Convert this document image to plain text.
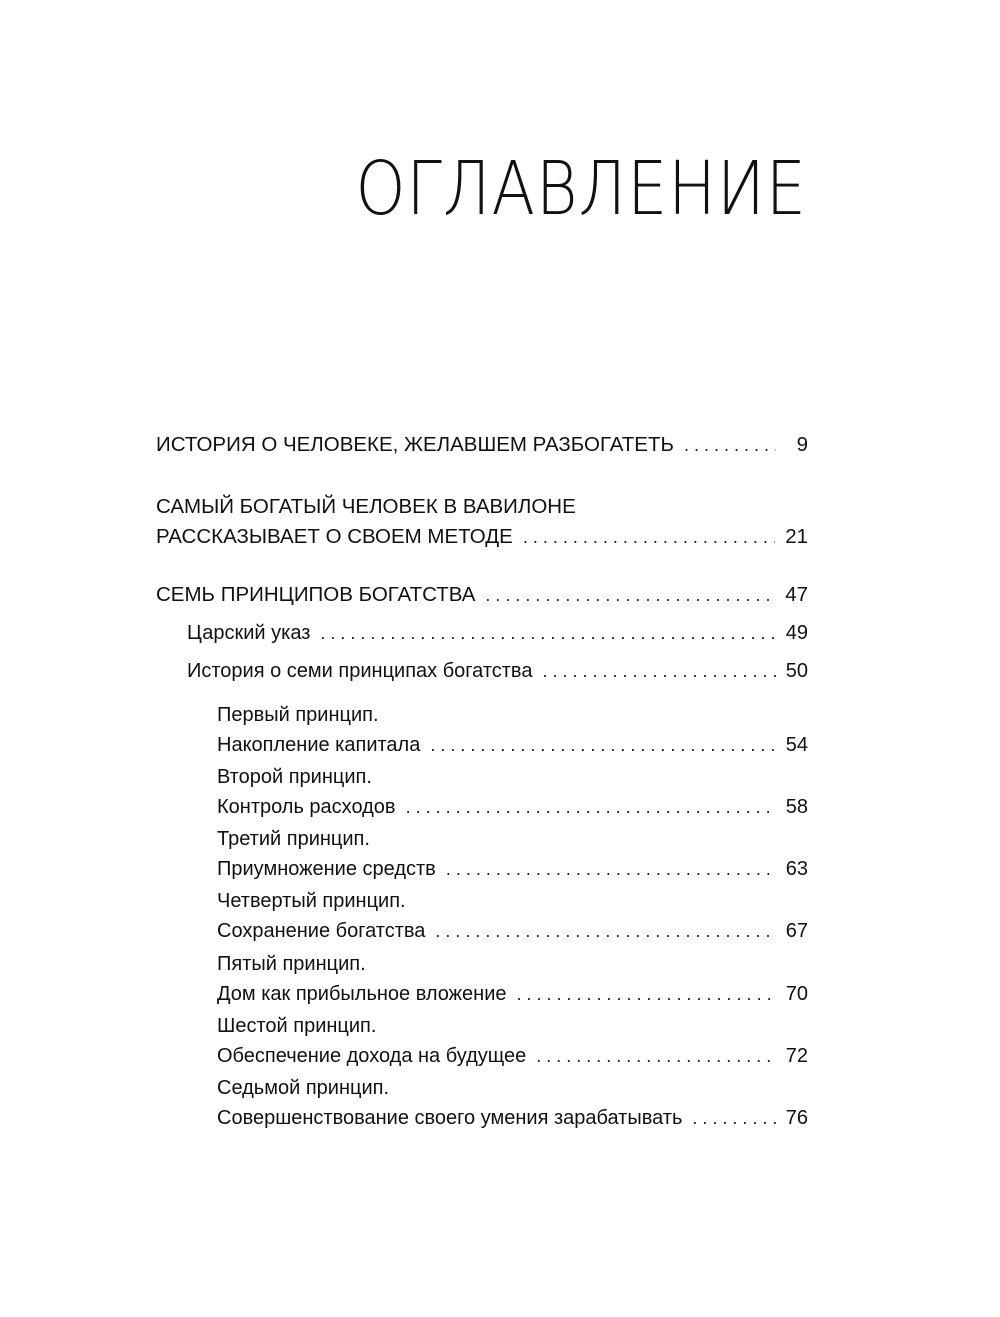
ОГЛАВЛЕНИЕ
ИСТОРИЯ О ЧЕЛОВЕКЕ, ЖЕЛАВШЕМ РАЗБОГАТЕТЬ . . .	9
САМЫЙ БОГАТЫЙ ЧЕЛОВЕК В ВАВИЛОНЕ
РАССКАЗЫВАЕТ О СВОЕМ МЕТОДЕ . . .	21
СЕМЬ ПРИНЦИПОВ БОГАТСТВА . . .	47
Царский указ . . .	49
История о семи принципах богатства . . .	50
Первый принцип.
Накопление капитала . . .	54
Второй принцип.
Контроль расходов . . .	58
Третий принцип.
Приумножение средств . . .	63
Четвертый принцип.
Сохранение богатства . . .	67
Пятый принцип.
Дом как прибыльное вложение . . .	70
Шестой принцип.
Обеспечение дохода на будущее . . .	72
Седьмой принцип.
Совершенствование своего умения зарабатывать . . .	76
